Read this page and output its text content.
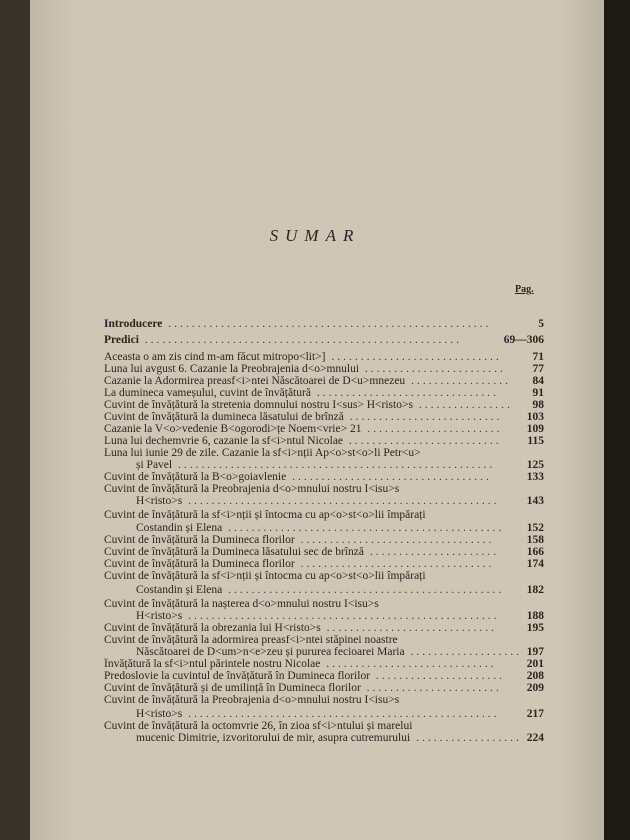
SUMAR
Pag.
Introducere .......................................................	5
Predici ......................................................	69—306
Aceasta o am zis cind m-am făcut mitropo<lit>] .............................	71
Luna lui avgust 6. Cazanie la Preobrajenia d<o>mnului ........................ 77
Cazanie la Adormirea preasf<i>ntei Născătoarei de D<u>mnezeu ................. 84
La dumineca vameșului, cuvint de învățătură ...............................	91
Cuvint de învățătură la stretenia domnului nostru I<sus> H<risto>s ................ 98
Cuvint de învățătură la dumineca lăsatului de brînză .......................... 103
Cazanie la V<o>vedenie B<ogorodi>țe Noem<vrie> 21 ....................... 109
Luna lui dechemvrie 6, cazanie la sf<i>ntul Nicolae .......................... 115
Luna lui iunie 29 de zile. Cazanie la sf<i>nții Ap<o>st<o>li Petr<u>
și Pavel ......................................................	125
Cuvint de învățătură la B<o>goiavlenie ..................................	133
Cuvint de învățătură la Preobrajenia d<o>mnului nostru I<isu>s
H<risto>s ..................................................... 143
Cuvint de învățătură la sf<i>nții și întocma cu ap<o>st<o>lii împărați
Costandin și Elena ............................................... 152
Cuvint de învățătură la Dumineca florilor .................................	158
Cuvint de învățătură la Dumineca lăsatului sec de brînză ...................... 166
Cuvint de învățătură la Dumineca florilor .................................	174
Cuvint de învățătură la sf<i>nții și întocma cu ap<o>st<o>lii împărați
Costandin și Elena ............................................... 182
Cuvint de învățătură la nașterea d<o>mnului nostru I<isu>s
H<risto>s ..................................................... 188
Cuvint de învățătură la obrezania lui H<risto>s .............................	195
Cuvint de învățătură la adormirea preasf<i>ntei stăpinei noastre
Născătoarei de D<um>n<e>zeu și pururea fecioarei Maria ................... 197
Învățătură la sf<i>ntul părintele nostru Nicolae .............................	201
Predoslovie la cuvintul de învățătură în Dumineca florilor ...................... 208
Cuvint de învățătură și de umilință în Dumineca florilor ....................... 209
Cuvint de învățătură la Preobrajenia d<o>mnului nostru I<isu>s
H<risto>s ..................................................... 217
Cuvint de învățătură la octomvrie 26, în zioa sf<i>ntului și marelui
mucenic Dimitrie, izvoritorului de mir, asupra cutremurului .................. 224
